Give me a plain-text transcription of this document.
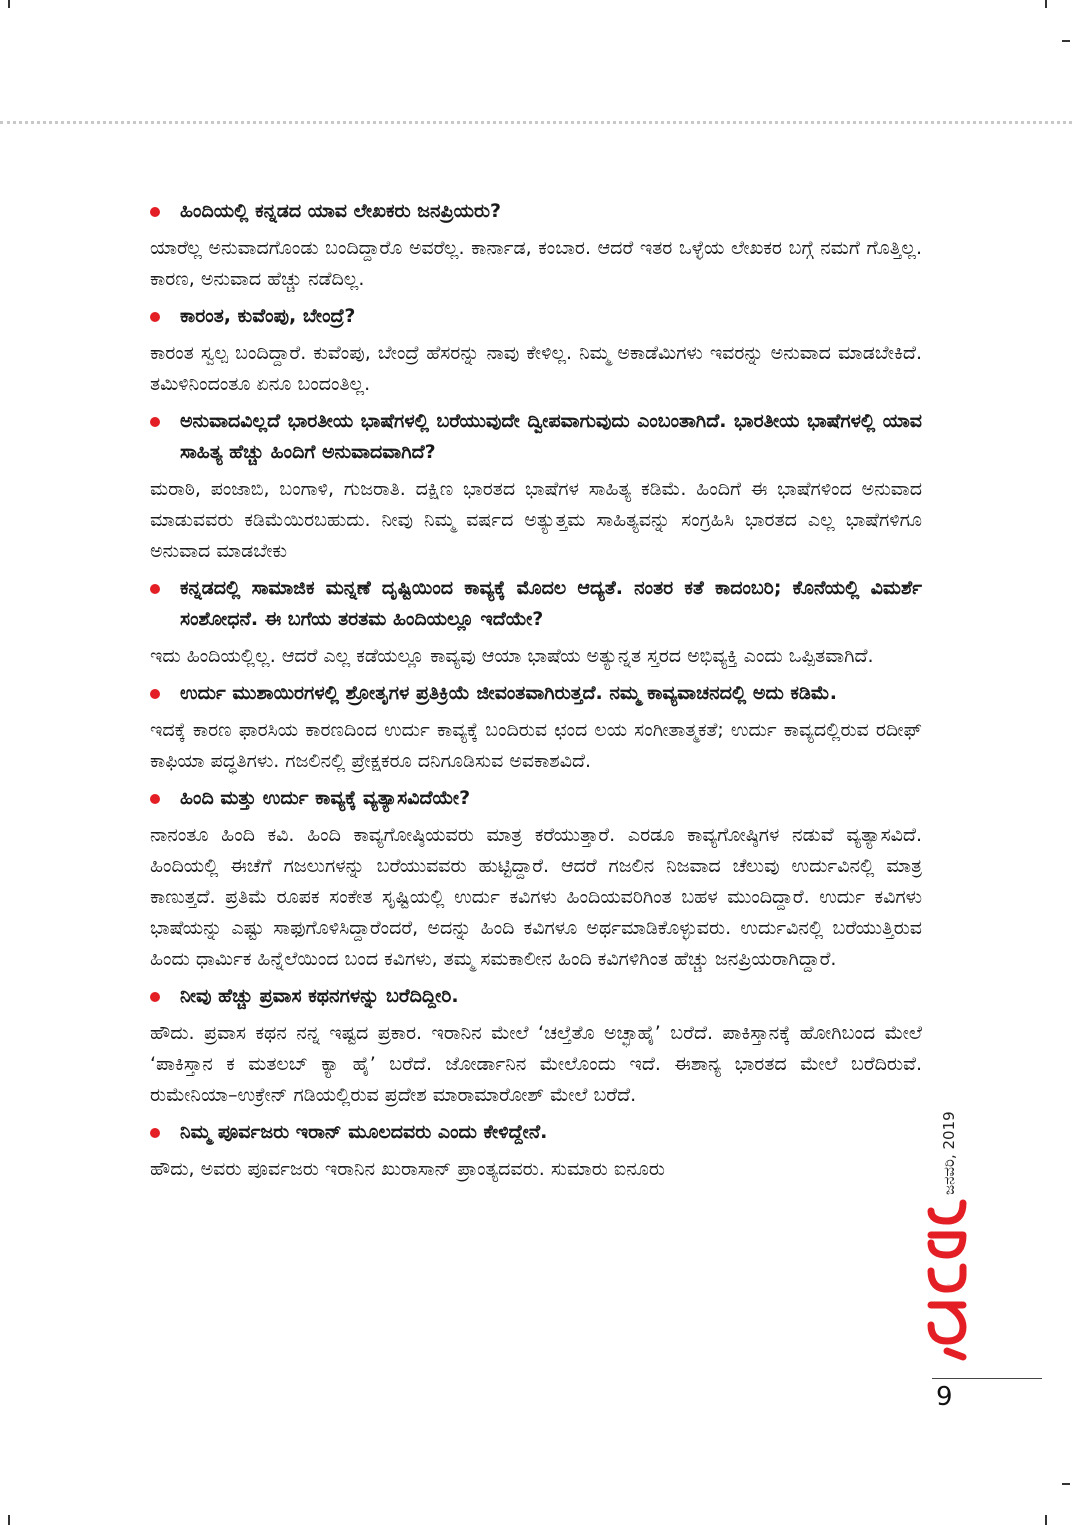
ಹಿಂದಿಯಲ್ಲಿ ಕನ್ನಡದ ಯಾವ ಲೇಖಕರು ಜನಪ್ರಿಯರು?
ಯಾರೆಲ್ಲ ಅನುವಾದಗೊಂಡು ಬಂದಿದ್ದಾರೊ ಅವರೆಲ್ಲ. ಕಾರ್ನಾಡ, ಕಂಬಾರ. ಆದರೆ ಇತರ ಒಳ್ಳೆಯ ಲೇಖಕರ ಬಗ್ಗೆ ನಮಗೆ ಗೊತ್ತಿಲ್ಲ. ಕಾರಣ, ಅನುವಾದ ಹೆಚ್ಚು ನಡೆದಿಲ್ಲ.
ಕಾರಂತ, ಕುವೆಂಪು, ಬೇಂದ್ರೆ?
ಕಾರಂತ ಸ್ವಲ್ಪ ಬಂದಿದ್ದಾರೆ. ಕುವೆಂಪು, ಬೇಂದ್ರೆ ಹೆಸರನ್ನು ನಾವು ಕೇಳಿಲ್ಲ. ನಿಮ್ಮ ಅಕಾಡೆಮಿಗಳು ಇವರನ್ನು ಅನುವಾದ ಮಾಡಬೇಕಿದೆ. ತಮಿಳಿನಿಂದಂತೂ ಏನೂ ಬಂದಂತಿಲ್ಲ.
ಅನುವಾದವಿಲ್ಲದೆ ಭಾರತೀಯ ಭಾಷೆಗಳಲ್ಲಿ ಬರೆಯುವುದೇ ದ್ವೀಪವಾಗುವುದು ಎಂಬಂತಾಗಿದೆ. ಭಾರತೀಯ ಭಾಷೆಗಳಲ್ಲಿ ಯಾವ ಸಾಹಿತ್ಯ ಹೆಚ್ಚು ಹಿಂದಿಗೆ ಅನುವಾದವಾಗಿದೆ?
ಮರಾಠಿ, ಪಂಜಾಬಿ, ಬಂಗಾಳಿ, ಗುಜರಾತಿ. ದಕ್ಷಿಣ ಭಾರತದ ಭಾಷೆಗಳ ಸಾಹಿತ್ಯ ಕಡಿಮೆ. ಹಿಂದಿಗೆ ಈ ಭಾಷೆಗಳಿಂದ ಅನುವಾದ ಮಾಡುವವರು ಕಡಿಮೆಯಿರಬಹುದು. ನೀವು ನಿಮ್ಮ ವರ್ಷದ ಅತ್ಯುತ್ತಮ ಸಾಹಿತ್ಯವನ್ನು ಸಂಗ್ರಹಿಸಿ ಭಾರತದ ಎಲ್ಲ ಭಾಷೆಗಳಿಗೂ ಅನುವಾದ ಮಾಡಬೇಕು
ಕನ್ನಡದಲ್ಲಿ ಸಾಮಾಜಿಕ ಮನ್ನಣೆ ದೃಷ್ಟಿಯಿಂದ ಕಾವ್ಯಕ್ಕೆ ಮೊದಲ ಆದ್ಯತೆ. ನಂತರ ಕತೆ ಕಾದಂಬರಿ; ಕೊನೆಯಲ್ಲಿ ವಿಮರ್ಶೆ ಸಂಶೋಧನೆ. ಈ ಬಗೆಯ ತರತಮ ಹಿಂದಿಯಲ್ಲೂ ಇದೆಯೇ?
ಇದು ಹಿಂದಿಯಲ್ಲಿಲ್ಲ. ಆದರೆ ಎಲ್ಲ ಕಡೆಯಲ್ಲೂ ಕಾವ್ಯವು ಆಯಾ ಭಾಷೆಯ ಅತ್ಯುನ್ನತ ಸ್ತರದ ಅಭಿವ್ಯಕ್ತಿ ಎಂದು ಒಪ್ಪಿತವಾಗಿದೆ.
ಉರ್ದು ಮುಶಾಯಿರಗಳಲ್ಲಿ ಶ್ರೋತೃಗಳ ಪ್ರತಿಕ್ರಿಯೆ ಜೀವಂತವಾಗಿರುತ್ತದೆ. ನಮ್ಮ ಕಾವ್ಯವಾಚನದಲ್ಲಿ ಅದು ಕಡಿಮೆ.
ಇದಕ್ಕೆ ಕಾರಣ ಫಾರಸಿಯ ಕಾರಣದಿಂದ ಉರ್ದು ಕಾವ್ಯಕ್ಕೆ ಬಂದಿರುವ ಛಂದ ಲಯ ಸಂಗೀತಾತ್ಮಕತೆ; ಉರ್ದು ಕಾವ್ಯದಲ್ಲಿರುವ ರದೀಫ್ ಕಾಫಿಯಾ ಪದ್ಧತಿಗಳು. ಗಜಲಿನಲ್ಲಿ ಪ್ರೇಕ್ಷಕರೂ ದನಿಗೂಡಿಸುವ ಅವಕಾಶವಿದೆ.
ಹಿಂದಿ ಮತ್ತು ಉರ್ದು ಕಾವ್ಯಕ್ಕೆ ವ್ಯತ್ಯಾಸವಿದೆಯೇ?
ನಾನಂತೂ ಹಿಂದಿ ಕವಿ. ಹಿಂದಿ ಕಾವ್ಯಗೋಷ್ಠಿಯವರು ಮಾತ್ರ ಕರೆಯುತ್ತಾರೆ. ಎರಡೂ ಕಾವ್ಯಗೋಷ್ಠಿಗಳ ನಡುವೆ ವ್ಯತ್ಯಾಸವಿದೆ. ಹಿಂದಿಯಲ್ಲಿ ಈಚೆಗೆ ಗಜಲುಗಳನ್ನು ಬರೆಯುವವರು ಹುಟ್ಟಿದ್ದಾರೆ. ಆದರೆ ಗಜಲಿನ ನಿಜವಾದ ಚೆಲುವು ಉರ್ದುವಿನಲ್ಲಿ ಮಾತ್ರ ಕಾಣುತ್ತದೆ. ಪ್ರತಿಮೆ ರೂಪಕ ಸಂಕೇತ ಸೃಷ್ಟಿಯಲ್ಲಿ ಉರ್ದು ಕವಿಗಳು ಹಿಂದಿಯವರಿಗಿಂತ ಬಹಳ ಮುಂದಿದ್ದಾರೆ. ಉರ್ದು ಕವಿಗಳು ಭಾಷೆಯನ್ನು ಎಷ್ಟು ಸಾಫುಗೊಳಿಸಿದ್ದಾರೆಂದರೆ, ಅದನ್ನು ಹಿಂದಿ ಕವಿಗಳೂ ಅರ್ಥಮಾಡಿಕೊಳ್ಳುವರು. ಉರ್ದುವಿನಲ್ಲಿ ಬರೆಯುತ್ತಿರುವ ಹಿಂದು ಧಾರ್ಮಿಕ ಹಿನ್ನೆಲೆಯಿಂದ ಬಂದ ಕವಿಗಳು, ತಮ್ಮ ಸಮಕಾಲೀನ ಹಿಂದಿ ಕವಿಗಳಿಗಿಂತ ಹೆಚ್ಚು ಜನಪ್ರಿಯರಾಗಿದ್ದಾರೆ.
ನೀವು ಹೆಚ್ಚು ಪ್ರವಾಸ ಕಥನಗಳನ್ನು ಬರೆದಿದ್ದೀರಿ.
ಹೌದು. ಪ್ರವಾಸ ಕಥನ ನನ್ನ ಇಷ್ಟದ ಪ್ರಕಾರ. ಇರಾನಿನ ಮೇಲೆ ‘ಚಲ್ತೆತೊ ಅಚ್ಛಾಹೈ’ ಬರೆದೆ. ಪಾಕಿಸ್ತಾನಕ್ಕೆ ಹೋಗಿಬಂದ ಮೇಲೆ ‘ಪಾಕಿಸ್ತಾನ ಕ ಮತಲಬ್ ಕ್ಯಾ ಹೈ’ ಬರೆದೆ. ಜೋರ್ಡಾನಿನ ಮೇಲೊಂದು ಇದೆ. ಈಶಾನ್ಯ ಭಾರತದ ಮೇಲೆ ಬರೆದಿರುವೆ. ರುಮೇನಿಯಾ–ಉಕ್ರೇನ್ ಗಡಿಯಲ್ಲಿರುವ ಪ್ರದೇಶ ಮಾರಾಮಾರೋಶ್ ಮೇಲೆ ಬರೆದೆ.
ನಿಮ್ಮ ಪೂರ್ವಜರು ಇರಾನ್ ಮೂಲದವರು ಎಂದು ಕೇಳಿದ್ದೇನೆ.
ಹೌದು, ಅವರು ಪೂರ್ವಜರು ಇರಾನಿನ ಖುರಾಸಾನ್ ಪ್ರಾಂತ್ಯದವರು. ಸುಮಾರು ಐನೂರು	ಜನವರಿ, 2019
ಮಯೂರ
9
